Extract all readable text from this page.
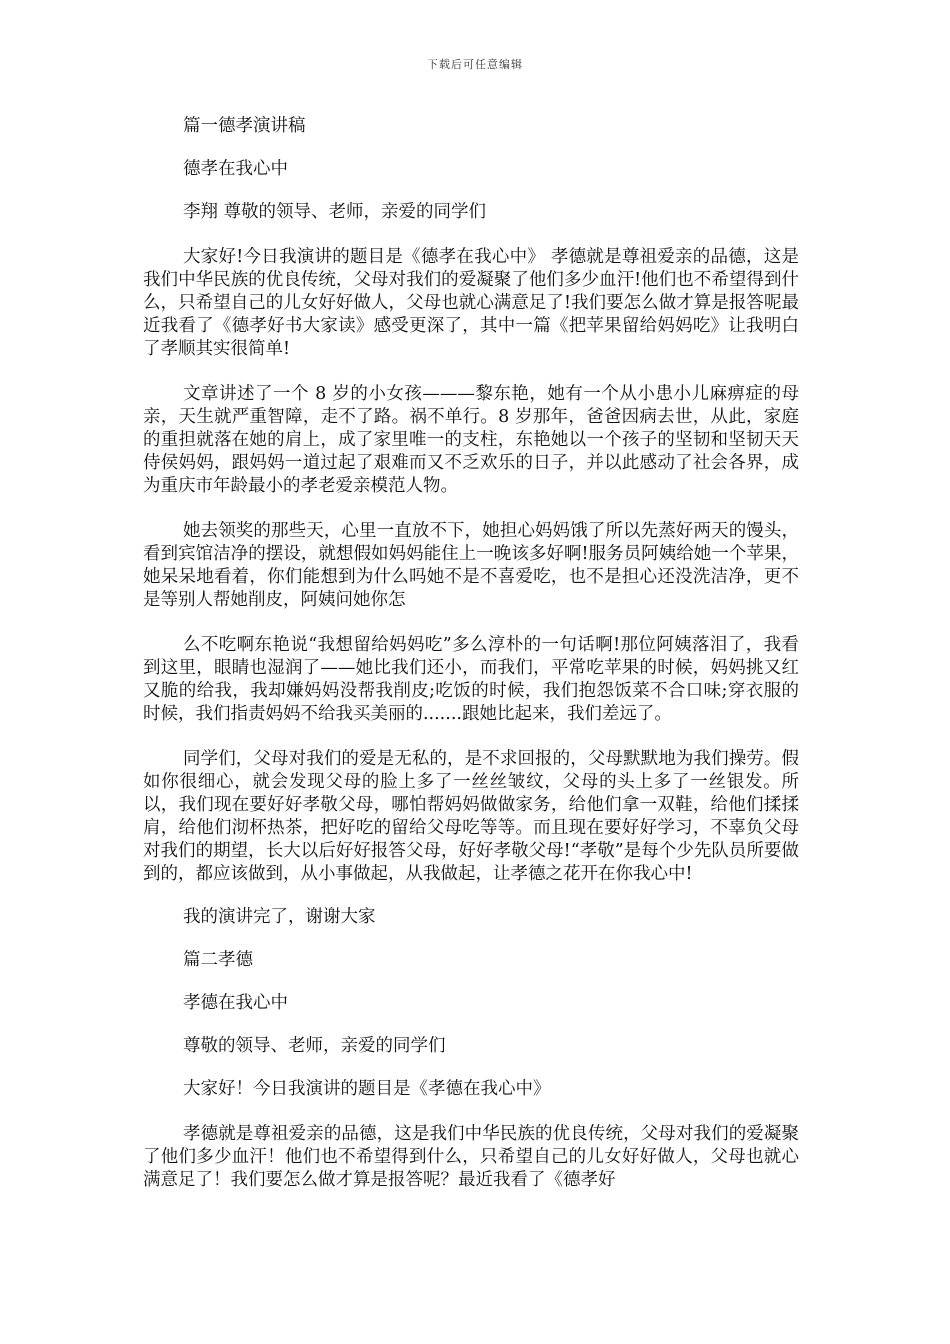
下载后可任意编辑

篇一德孝演讲稿

德孝在我心中

李翔 尊敬的领导、老师，亲爱的同学们

大家好!今日我演讲的题目是《德孝在我心中》 孝德就是尊祖爱亲的品德，这是我们中华民族的优良传统，父母对我们的爱凝聚了他们多少血汗!他们也不希望得到什么，只希望自己的儿女好好做人，父母也就心满意足了!我们要怎么做才算是报答呢最近我看了《德孝好书大家读》感受更深了，其中一篇《把苹果留给妈妈吃》让我明白了孝顺其实很简单!

文章讲述了一个 8 岁的小女孩———黎东艳，她有一个从小患小儿麻痹症的母亲，天生就严重智障，走不了路。祸不单行。8 岁那年，爸爸因病去世，从此，家庭的重担就落在她的肩上，成了家里唯一的支柱，东艳她以一个孩子的坚韧和坚韧天天侍侯妈妈，跟妈妈一道过起了艰难而又不乏欢乐的日子，并以此感动了社会各界，成为重庆市年龄最小的孝老爱亲模范人物。

她去领奖的那些天，心里一直放不下，她担心妈妈饿了所以先蒸好两天的馒头，看到宾馆洁净的摆设，就想假如妈妈能住上一晚该多好啊!服务员阿姨给她一个苹果，她呆呆地看着，你们能想到为什么吗她不是不喜爱吃，也不是担心还没洗洁净，更不是等别人帮她削皮，阿姨问她你怎

么不吃啊东艳说“我想留给妈妈吃”多么淳朴的一句话啊!那位阿姨落泪了，我看到这里，眼睛也湿润了——她比我们还小，而我们，平常吃苹果的时候，妈妈挑又红又脆的给我，我却嫌妈妈没帮我削皮;吃饭的时候，我们抱怨饭菜不合口味;穿衣服的时候，我们指责妈妈不给我买美丽的.......跟她比起来，我们差远了。

同学们，父母对我们的爱是无私的，是不求回报的，父母默默地为我们操劳。假如你很细心，就会发现父母的脸上多了一丝丝皱纹，父母的头上多了一丝银发。所以，我们现在要好好孝敬父母，哪怕帮妈妈做做家务，给他们拿一双鞋，给他们揉揉肩，给他们沏杯热茶，把好吃的留给父母吃等等。而且现在要好好学习，不辜负父母对我们的期望，长大以后好好报答父母，好好孝敬父母!“孝敬”是每个少先队员所要做到的，都应该做到，从小事做起，从我做起，让孝德之花开在你我心中!

我的演讲完了，谢谢大家

篇二孝德

孝德在我心中

尊敬的领导、老师，亲爱的同学们

大家好！今日我演讲的题目是《孝德在我心中》

孝德就是尊祖爱亲的品德，这是我们中华民族的优良传统，父母对我们的爱凝聚了他们多少血汗！他们也不希望得到什么，只希望自己的儿女好好做人，父母也就心满意足了！我们要怎么做才算是报答呢？最近我看了《德孝好
